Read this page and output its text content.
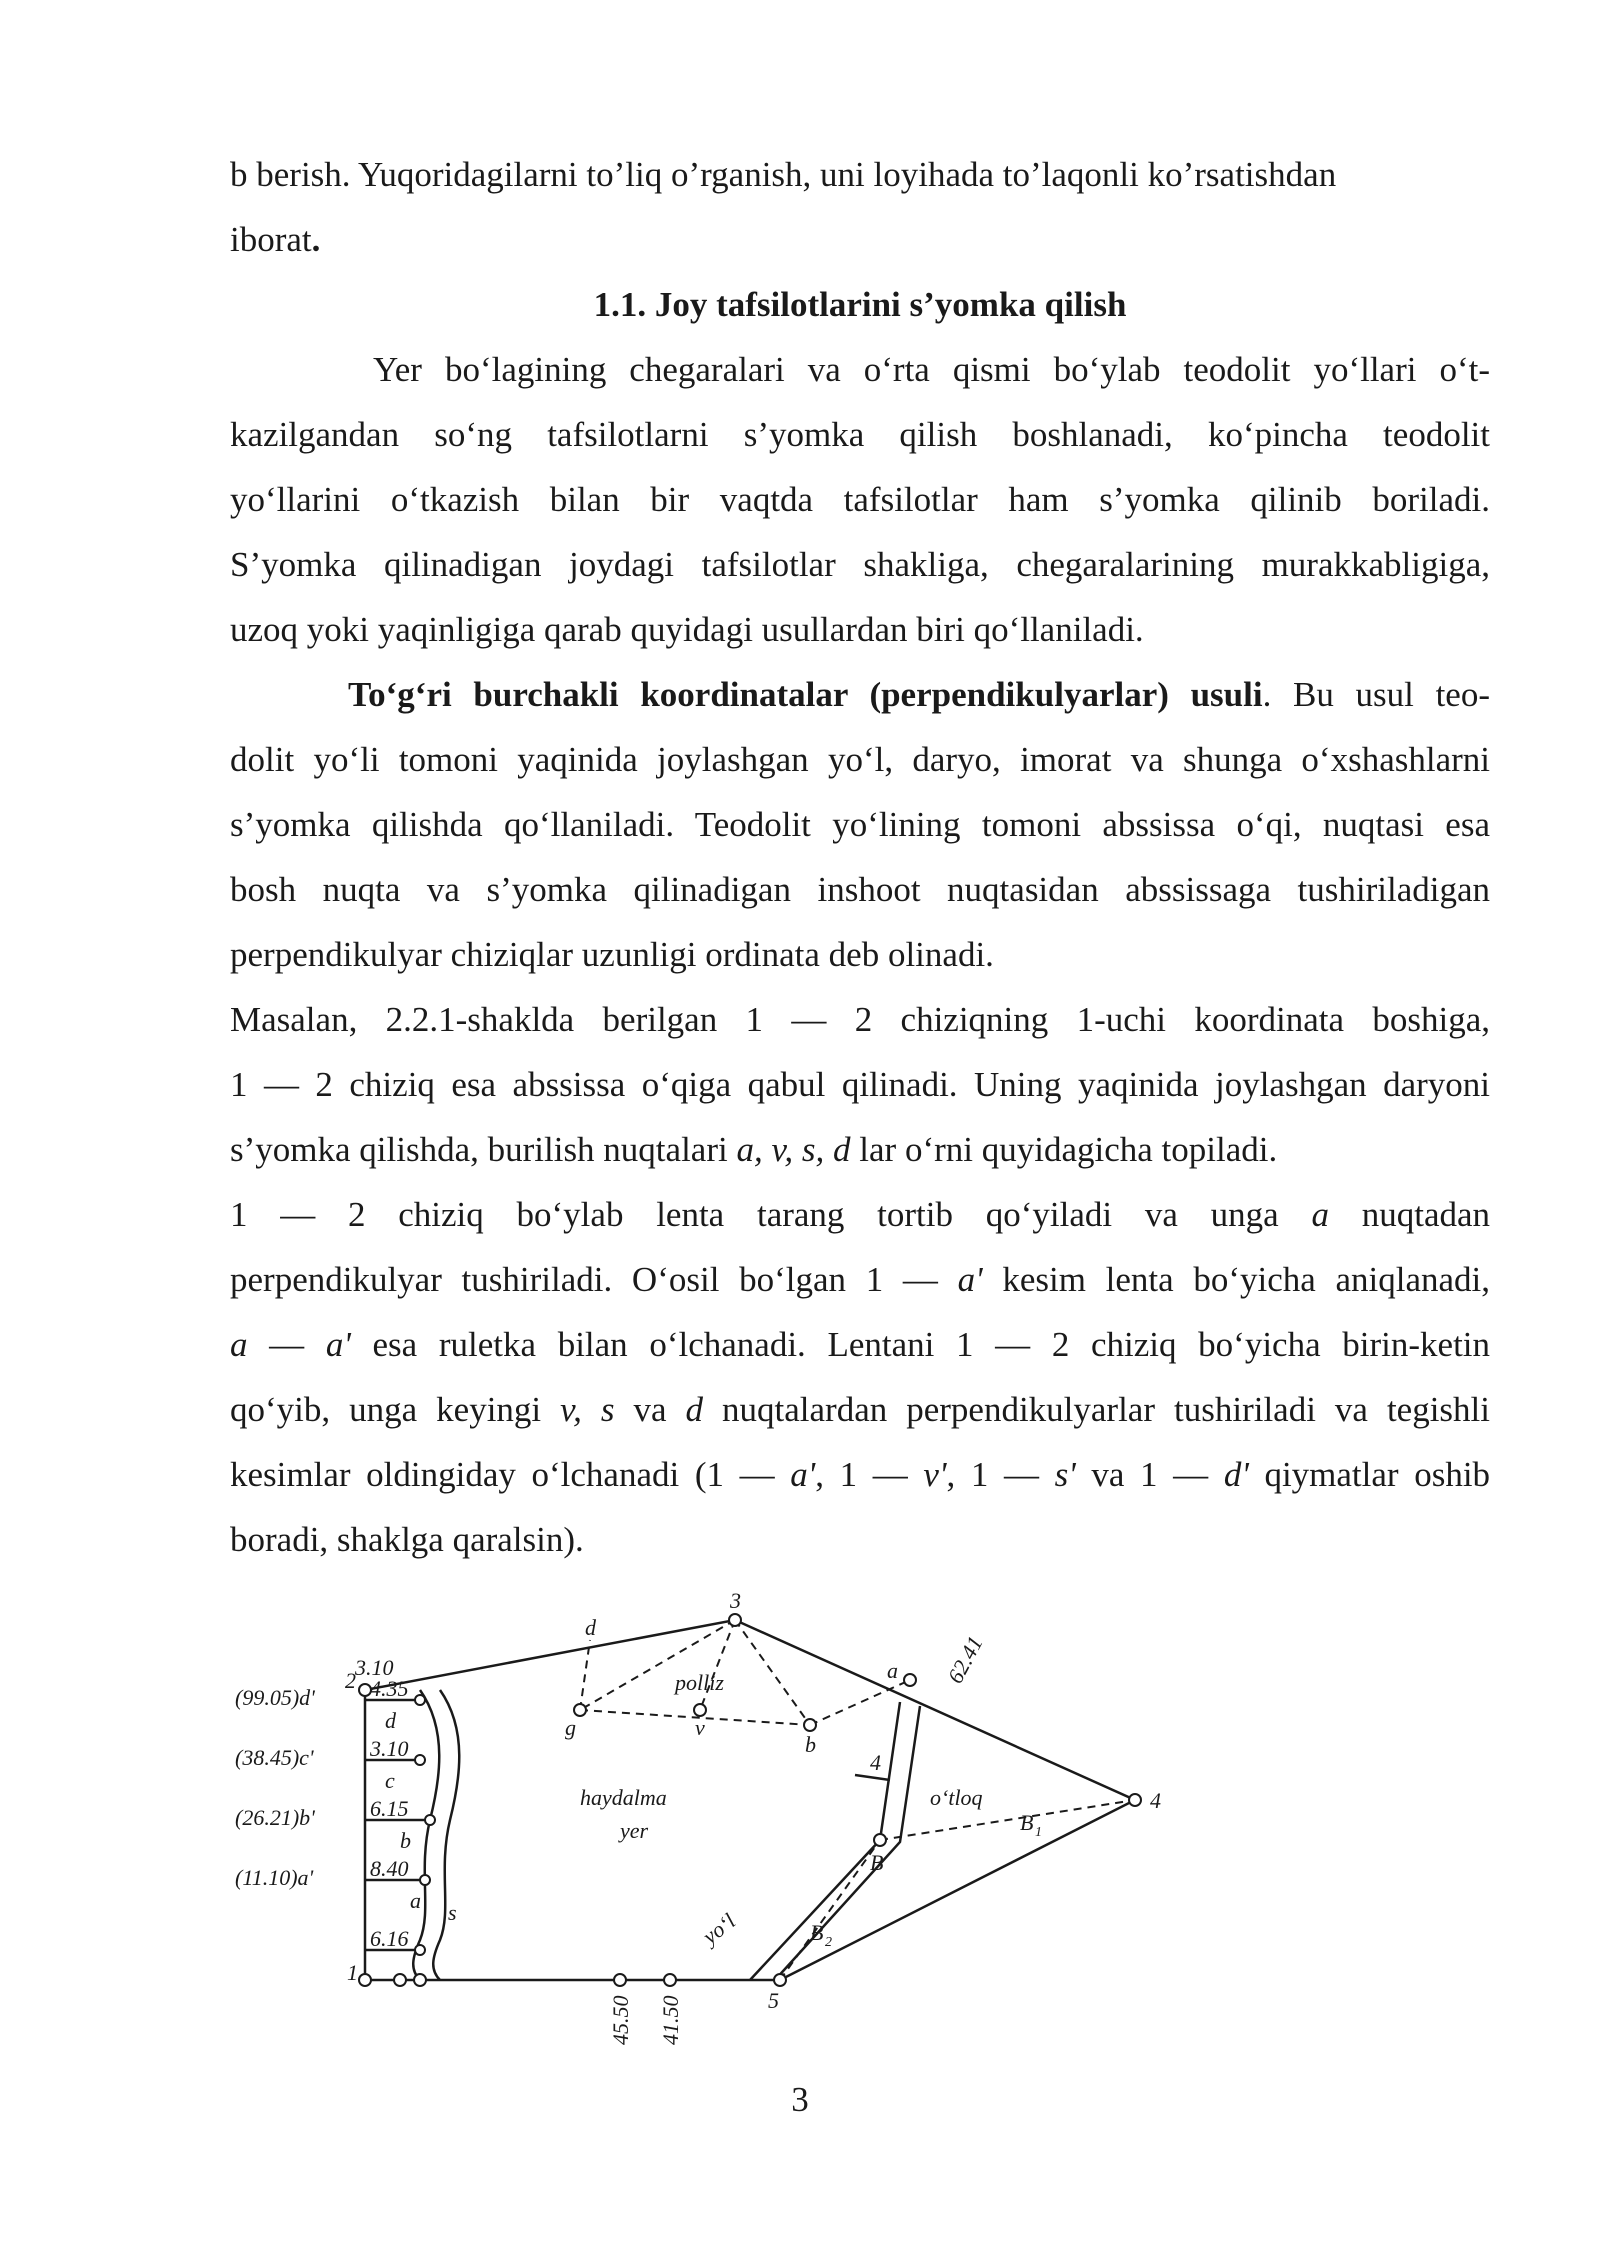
b berish. Yuqoridagilarni to’liq o’rganish, uni loyihada to’laqonli ko’rsatishdan
iborat.
1.1. Joy tafsilotlarini s’yomka qilish
Yer bo‘lagining chegaralari va o‘rta qismi bo‘ylab teodolit yo‘llari o‘t-
kazilgandan so‘ng tafsilotlarni s’yomka qilish boshlanadi, ko‘pincha teodolit
yo‘llarini o‘tkazish bilan bir vaqtda tafsilotlar ham s’yomka qilinib boriladi.
S’yomka qilinadigan joydagi tafsilotlar shakliga, chegaralarining murakkabligiga,
uzoq yoki yaqinligiga qarab quyidagi usullardan biri qo‘llaniladi.
To‘g‘ri burchakli koordinatalar (perpendikulyarlar) usuli. Bu usul teo-
dolit yo‘li tomoni yaqinida joylashgan yo‘l, daryo, imorat va shunga o‘xshashlarni
s’yomka qilishda qo‘llaniladi. Teodolit yo‘lining tomoni abssissa o‘qi, nuqtasi esa
bosh nuqta va s’yomka qilinadigan inshoot nuqtasidan abssissaga tushiriladigan
perpendikulyar chiziqlar uzunligi ordinata deb olinadi.
Masalan, 2.2.1-shaklda berilgan 1 — 2 chiziqning 1-uchi koordinata boshiga,
1 — 2 chiziq esa abssissa o‘qiga qabul qilinadi. Uning yaqinida joylashgan daryoni
s’yomka qilishda, burilish nuqtalari a, v, s, d lar o‘rni quyidagicha topiladi.
1 — 2 chiziq bo‘ylab lenta tarang tortib qo‘yiladi va unga a nuqtadan
perpendikulyar tushiriladi. O‘osil bo‘lgan 1 — a' kesim lenta bo‘yicha aniqlanadi,
a — a' esa ruletka bilan o‘lchanadi. Lentani 1 — 2 chiziq bo‘yicha birin-ketin
qo‘yib, unga keyingi v, s va d nuqtalardan perpendikulyarlar tushiriladi va tegishli
kesimlar oldingiday o‘lchanadi (1 — a', 1 — v', 1 — s' va 1 — d' qiymatlar oshib
boradi, shaklga qaralsin).
1
2
3
4
5
B
d
g	v
b
a
polliz
haydalma
yer
o‘tloq
B 1
B 2
3.10
(99.05)d'
(38.45)c'
(26.21)b'
(11.10)a'
4.35
3.10
6.15
8.40
6.16
d
c
b
a s
4
62.41
yo‘l
45.50 41.50
3
